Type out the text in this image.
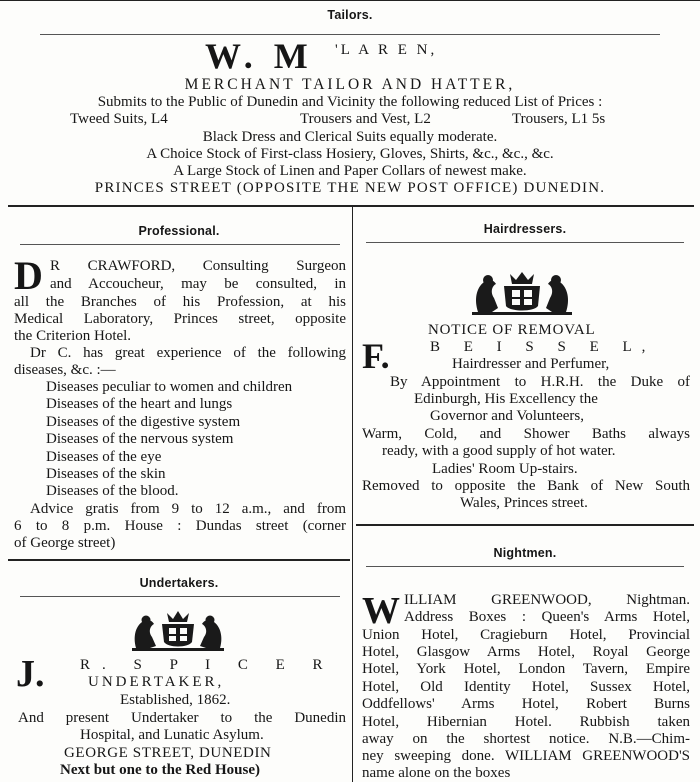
Tailors.
W. M 'L A R E N,
MERCHANT TAILOR AND HATTER,
Submits to the Public of Dunedin and Vicinity the following reduced List of Prices :
Tweed Suits, L4	Trousers and Vest, L2	Trousers, L1 5s
Black Dress and Clerical Suits equally moderate.
A Choice Stock of First-class Hosiery, Gloves, Shirts, &c., &c., &c.
A Large Stock of Linen and Paper Collars of newest make.
PRINCES STREET (OPPOSITE THE NEW POST OFFICE) DUNEDIN.
Professional.
D R CRAWFORD, Consulting Surgeon
and Accoucheur, may be consulted, in
all the Branches of his Profession, at his
Medical Laboratory, Princes street, opposite
the Criterion Hotel.
Dr C. has great experience of the following
diseases, &c. :—
Diseases peculiar to women and children
Diseases of the heart and lungs
Diseases of the digestive system
Diseases of the nervous system
Diseases of the eye
Diseases of the skin
Diseases of the blood.
Advice gratis from 9 to 12 a.m., and from
6 to 8 p.m. House : Dundas street (corner
of George street)
Hairdressers.
NOTICE OF REMOVAL
F.	B E I S S E L,
Hairdresser and Perfumer,
By Appointment to H.R.H. the Duke of
Edinburgh, His Excellency the
Governor and Volunteers,
Warm, Cold, and Shower Baths always
ready, with a good supply of hot water.
Ladies' Room Up-stairs.
Removed to opposite the Bank of New South
Wales, Princes street.
Undertakers.
J. R. S P I C E R
UNDERTAKER,
Established, 1862.
And present Undertaker to the Dunedin
Hospital, and Lunatic Asylum.
GEORGE STREET, DUNEDIN
Next but one to the Red House)
Nightmen.
W ILLIAM GREENWOOD, Nightman.
Address Boxes : Queen's Arms Hotel,
Union Hotel, Cragieburn Hotel, Provincial
Hotel, Glasgow Arms Hotel, Royal George
Hotel, York Hotel, London Tavern, Empire
Hotel, Old Identity Hotel, Sussex Hotel,
Oddfellows' Arms Hotel, Robert Burns
Hotel, Hibernian Hotel. Rubbish taken
away on the shortest notice. N.B.—Chim-
ney sweeping done. WILLIAM GREENWOOD'S
name alone on the boxes
